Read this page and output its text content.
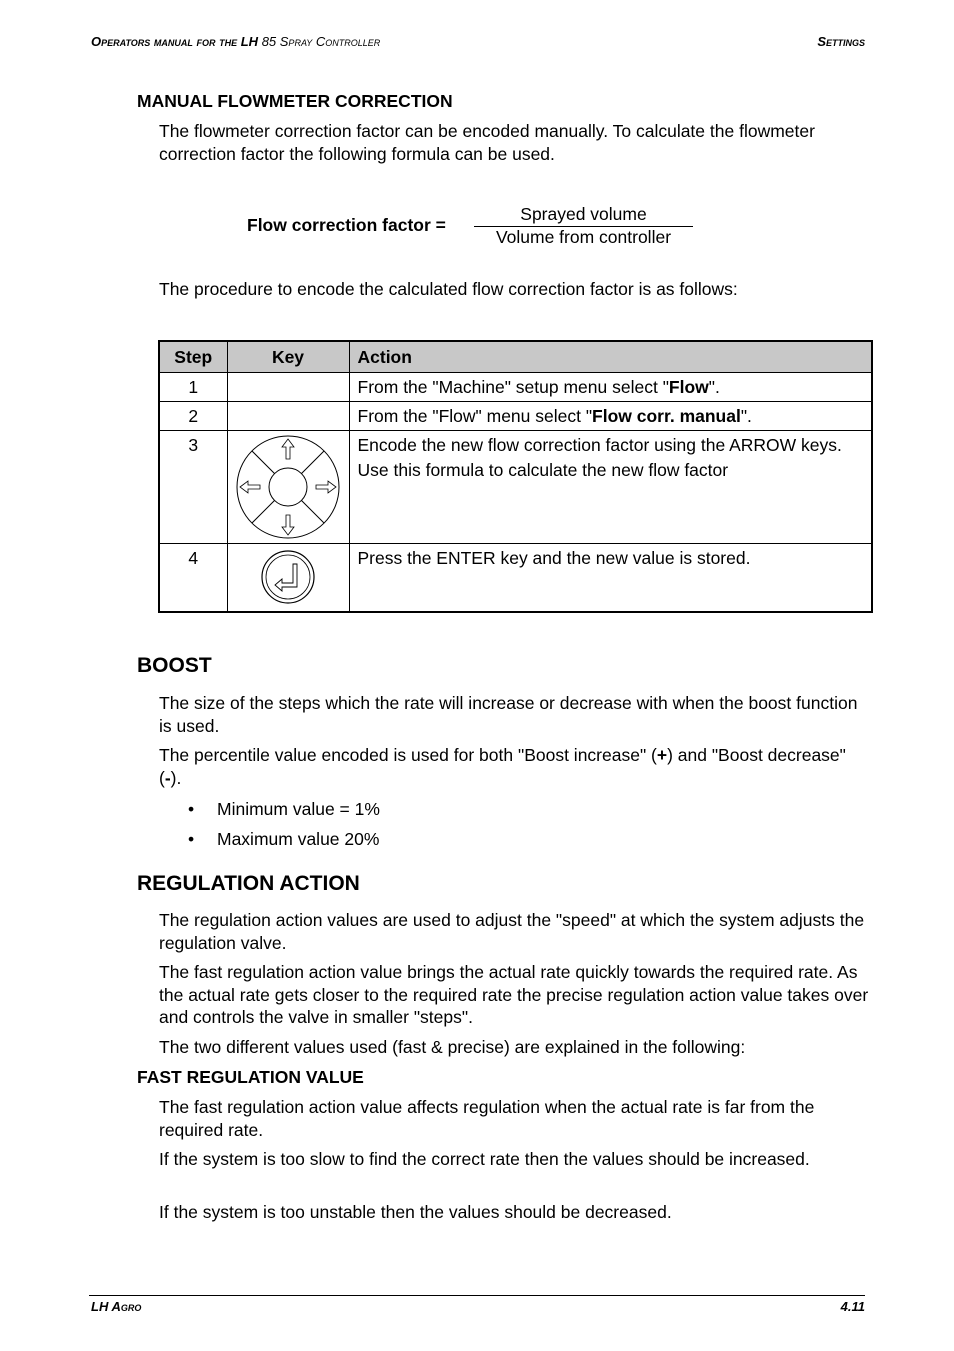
Operators manual for the LH 85 Spray Controller	Settings
MANUAL FLOWMETER CORRECTION

The flowmeter correction factor can be encoded manually. To calculate the flowmeter correction factor the following formula can be used.

Flow correction factor =
Sprayed volume
Volume from controller

The procedure to encode the calculated flow correction factor is as follows:

Step	Key	Action
1		From the "Machine" setup menu select "Flow".
2		From the "Flow" menu select "Flow corr. manual".
3		Encode the new flow correction factor using the ARROW keys.
Use this formula to calculate the new flow factor

4		Press the ENTER key and the new value is stored.
BOOST

The size of the steps which the rate will increase or decrease with when the boost function is used.

The percentile value encoded is used for both "Boost increase" (+) and "Boost decrease" (-).

• Minimum value = 1%
• Maximum value 20%
REGULATION ACTION

The regulation action values are used to adjust the "speed" at which the system adjusts the regulation valve.

The fast regulation action value brings the actual rate quickly towards the required rate. As the actual rate gets closer to the required rate the precise regulation action value takes over and controls the valve in smaller "steps".

The two different values used (fast & precise) are explained in the following:

FAST REGULATION VALUE

The fast regulation action value affects regulation when the actual rate is far from the required rate.

If the system is too slow to find the correct rate then the values should be increased.

If the system is too unstable then the values should be decreased.

LH Agro	4.11
